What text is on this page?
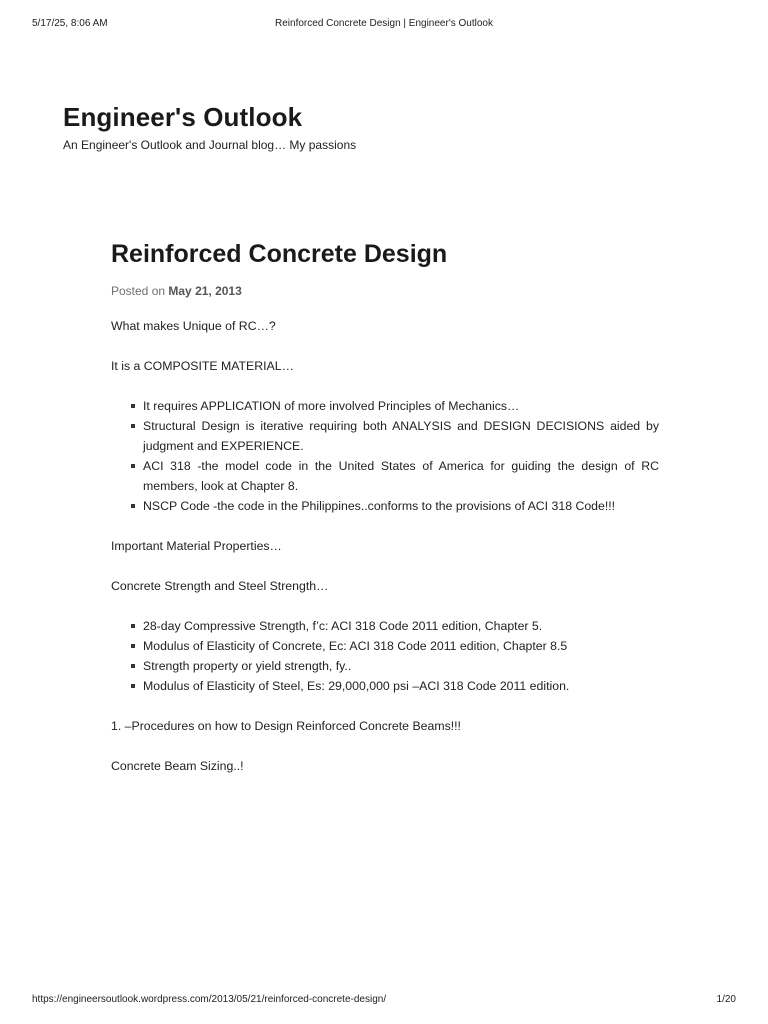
5/17/25, 8:06 AM	Reinforced Concrete Design | Engineer's Outlook
Engineer's Outlook
An Engineer's Outlook and Journal blog… My passions
Reinforced Concrete Design
Posted on May 21, 2013

What makes Unique of RC…?

It is a COMPOSITE MATERIAL…

It requires APPLICATION of more involved Principles of Mechanics…
Structural Design is iterative requiring both ANALYSIS and DESIGN DECISIONS aided by judgment and EXPERIENCE.
ACI 318 -the model code in the United States of America for guiding the design of RC members, look at Chapter 8.
NSCP Code -the code in the Philippines..conforms to the provisions of ACI 318 Code!!!

Important Material Properties…

Concrete Strength and Steel Strength…

28-day Compressive Strength, f’c: ACI 318 Code 2011 edition, Chapter 5.
Modulus of Elasticity of Concrete, Ec: ACI 318 Code 2011 edition, Chapter 8.5
Strength property or yield strength, fy..
Modulus of Elasticity of Steel, Es: 29,000,000 psi –ACI 318 Code 2011 edition.

1. –Procedures on how to Design Reinforced Concrete Beams!!!

Concrete Beam Sizing..!

https://engineersoutlook.wordpress.com/2013/05/21/reinforced-concrete-design/	1/20
